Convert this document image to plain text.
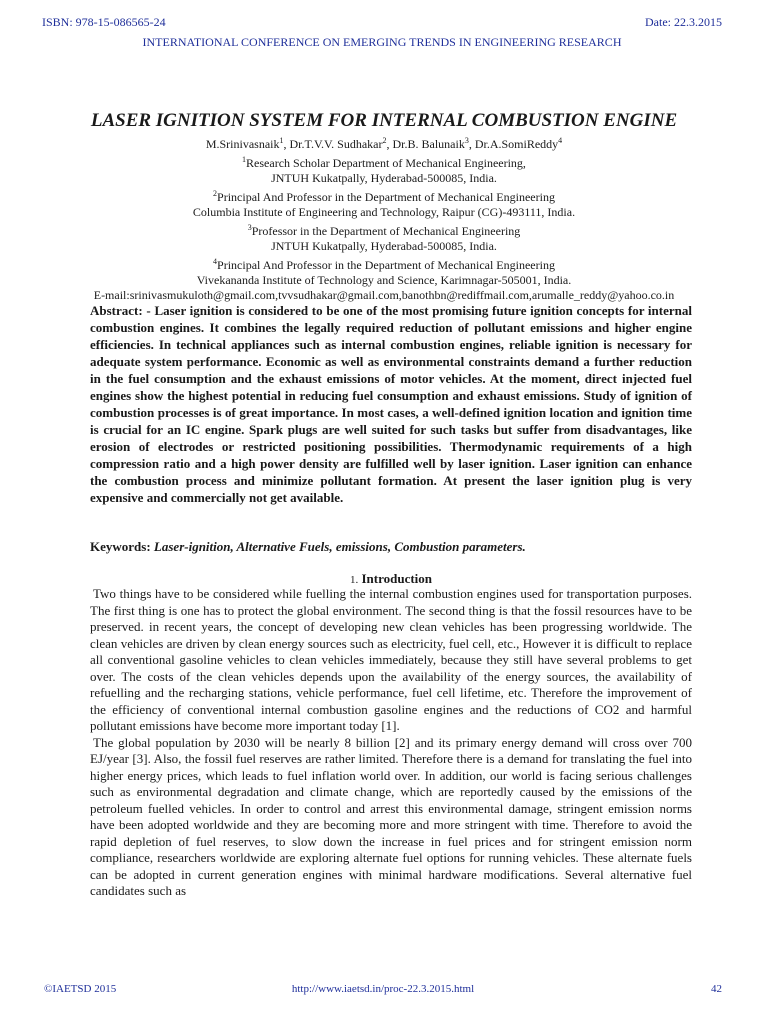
ISBN: 978-15-086565-24	Date: 22.3.2015
INTERNATIONAL CONFERENCE ON EMERGING TRENDS IN ENGINEERING RESEARCH
LASER IGNITION SYSTEM FOR INTERNAL COMBUSTION ENGINE
M.Srinivasnaik$^1$, Dr.T.V.V. Sudhakar$^2$, Dr.B. Balunaik$^3$, Dr.A.SomiReddy$^4$
$^1$Research Scholar Department of Mechanical Engineering,
JNTUH Kukatpally, Hyderabad-500085, India.
$^2$Principal And Professor in the Department of Mechanical Engineering
Columbia Institute of Engineering and Technology, Raipur (CG)-493111, India.
$^3$Professor in the Department of Mechanical Engineering
JNTUH Kukatpally, Hyderabad-500085, India.
$^4$Principal And Professor in the Department of Mechanical Engineering
Vivekananda Institute of Technology and Science, Karimnagar-505001, India.
E-mail:srinivasmukuloth@gmail.com,tvvsudhakar@gmail.com,banothbn@rediffmail.com,arumalle_reddy@yahoo.co.in
Abstract: - Laser ignition is considered to be one of the most promising future ignition concepts for internal combustion engines. It combines the legally required reduction of pollutant emissions and higher engine efficiencies. In technical appliances such as internal combustion engines, reliable ignition is necessary for adequate system performance. Economic as well as environmental constraints demand a further reduction in the fuel consumption and the exhaust emissions of motor vehicles. At the moment, direct injected fuel engines show the highest potential in reducing fuel consumption and exhaust emissions. Study of ignition of combustion processes is of great importance. In most cases, a well-defined ignition location and ignition time is crucial for an IC engine. Spark plugs are well suited for such tasks but suffer from disadvantages, like erosion of electrodes or restricted positioning possibilities. Thermodynamic requirements of a high compression ratio and a high power density are fulfilled well by laser ignition. Laser ignition can enhance the combustion process and minimize pollutant formation. At present the laser ignition plug is very expensive and commercially not get available.
Keywords: Laser-ignition, Alternative Fuels, emissions, Combustion parameters.
1. Introduction

Two things have to be considered while fuelling the internal combustion engines used for transportation purposes. The first thing is one has to protect the global environment. The second thing is that the fossil resources have to be preserved. in recent years, the concept of developing new clean vehicles has been progressing worldwide. The clean vehicles are driven by clean energy sources such as electricity, fuel cell, etc., However it is difficult to replace all conventional gasoline vehicles to clean vehicles immediately, because they still have several problems to get over. The costs of the clean vehicles depends upon the availability of the energy sources, the availability of refuelling and the recharging stations, vehicle performance, fuel cell lifetime, etc. Therefore the improvement of the efficiency of conventional internal combustion gasoline engines and the reductions of CO2 and harmful pollutant emissions have become more important today [1].

The global population by 2030 will be nearly 8 billion [2] and its primary energy demand will cross over 700 EJ/year [3]. Also, the fossil fuel reserves are rather limited. Therefore there is a demand for translating the fuel into higher energy prices, which leads to fuel inflation world over. In addition, our world is facing serious challenges such as environmental degradation and climate change, which are reportedly caused by the emissions of the petroleum fuelled vehicles. In order to control and arrest this environmental damage, stringent emission norms have been adopted worldwide and they are becoming more and more stringent with time. Therefore to avoid the rapid depletion of fuel reserves, to slow down the increase in fuel prices and for stringent emission norm compliance, researchers worldwide are exploring alternate fuel options for running vehicles. These alternate fuels can be adopted in current generation engines with minimal hardware modifications. Several alternative fuel candidates such as

©IAETSD 2015	http://www.iaetsd.in/proc-22.3.2015.html	42
